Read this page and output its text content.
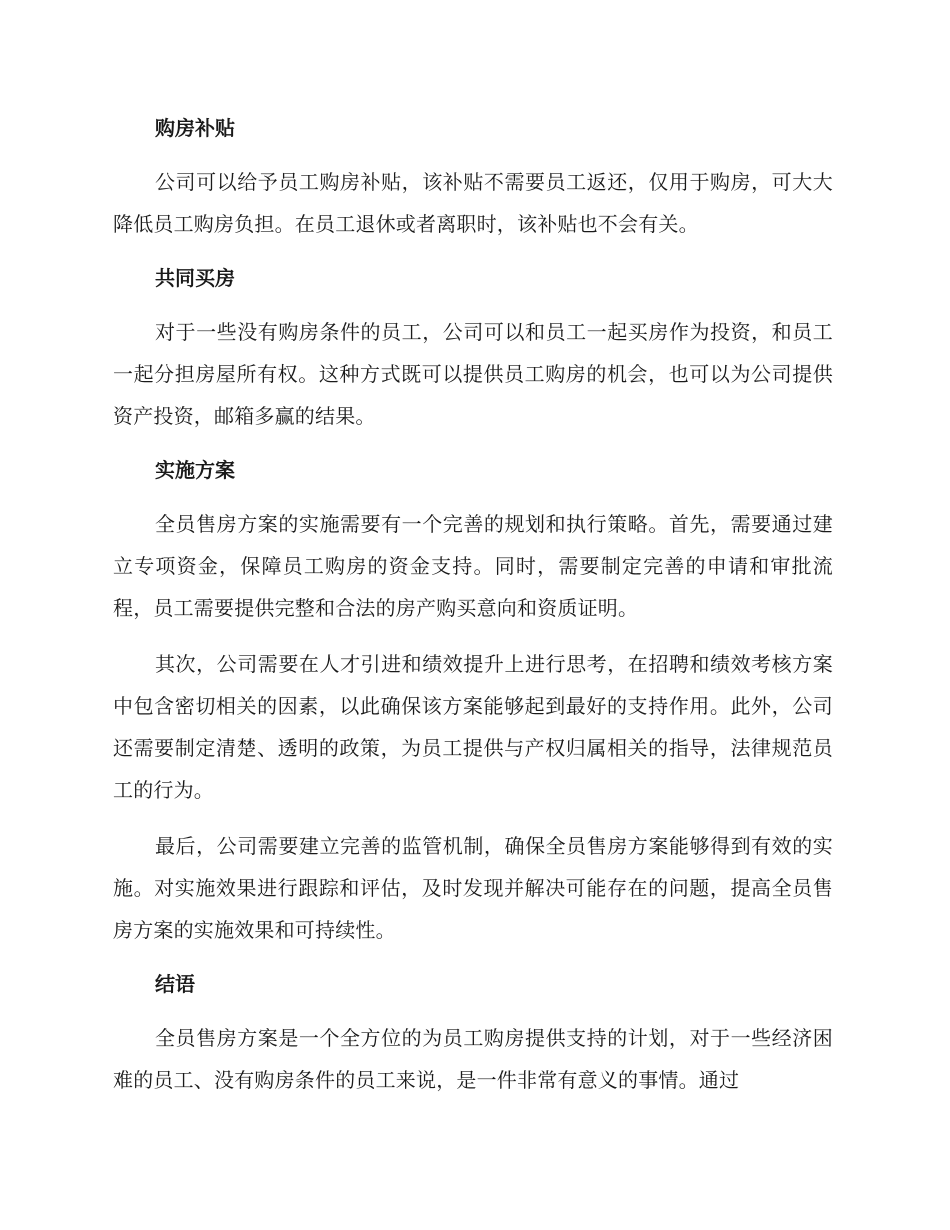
购房补贴

公司可以给予员工购房补贴，该补贴不需要员工返还，仅用于购房，可大大降低员工购房负担。在员工退休或者离职时，该补贴也不会有关。

共同买房

对于一些没有购房条件的员工，公司可以和员工一起买房作为投资，和员工一起分担房屋所有权。这种方式既可以提供员工购房的机会，也可以为公司提供资产投资，邮箱多赢的结果。

实施方案

全员售房方案的实施需要有一个完善的规划和执行策略。首先，需要通过建立专项资金，保障员工购房的资金支持。同时，需要制定完善的申请和审批流程，员工需要提供完整和合法的房产购买意向和资质证明。

其次，公司需要在人才引进和绩效提升上进行思考，在招聘和绩效考核方案中包含密切相关的因素，以此确保该方案能够起到最好的支持作用。此外，公司还需要制定清楚、透明的政策，为员工提供与产权归属相关的指导，法律规范员工的行为。

最后，公司需要建立完善的监管机制，确保全员售房方案能够得到有效的实施。对实施效果进行跟踪和评估，及时发现并解决可能存在的问题，提高全员售房方案的实施效果和可持续性。

结语

全员售房方案是一个全方位的为员工购房提供支持的计划，对于一些经济困难的员工、没有购房条件的员工来说，是一件非常有意义的事情。通过
